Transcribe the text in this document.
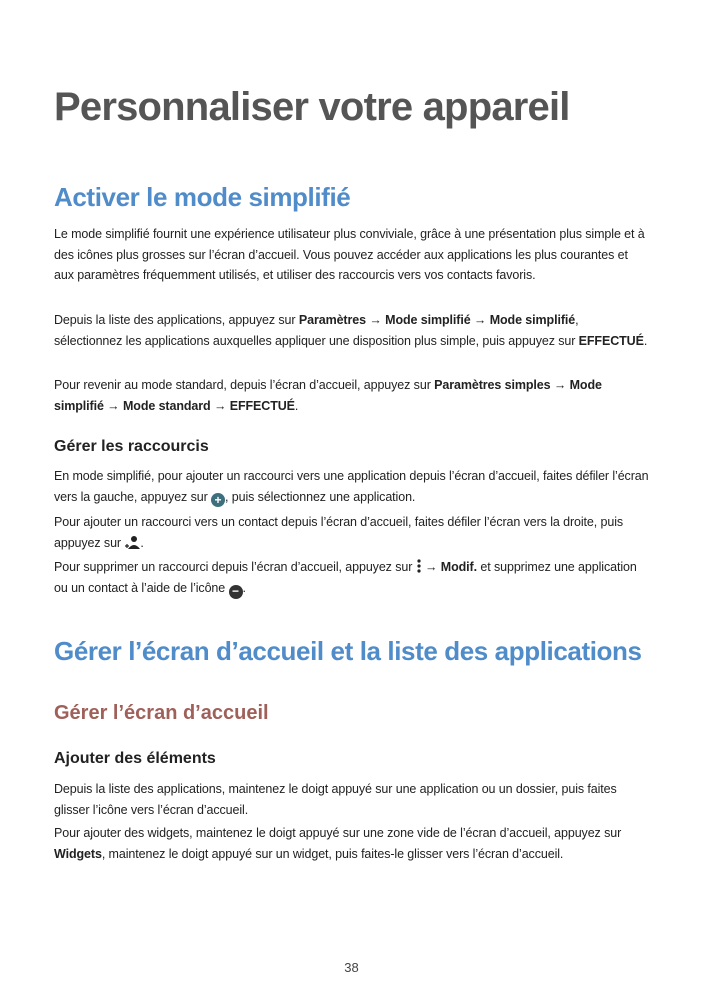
Personnaliser votre appareil
Activer le mode simplifié

Le mode simplifié fournit une expérience utilisateur plus conviviale, grâce à une présentation plus simple et à des icônes plus grosses sur l’écran d’accueil. Vous pouvez accéder aux applications les plus courantes et aux paramètres fréquemment utilisés, et utiliser des raccourcis vers vos contacts favoris.

Depuis la liste des applications, appuyez sur Paramètres → Mode simplifié → Mode simplifié, sélectionnez les applications auxquelles appliquer une disposition plus simple, puis appuyez sur EFFECTUÉ.

Pour revenir au mode standard, depuis l’écran d’accueil, appuyez sur Paramètres simples → Mode simplifié → Mode standard → EFFECTUÉ.

Gérer les raccourcis

En mode simplifié, pour ajouter un raccourci vers une application depuis l’écran d’accueil, faites défiler l’écran vers la gauche, appuyez sur + , puis sélectionnez une application.

Pour ajouter un raccourci vers un contact depuis l’écran d’accueil, faites défiler l’écran vers la droite, puis appuyez sur .

Pour supprimer un raccourci depuis l’écran d’accueil, appuyez sur  → Modif. et supprimez une application ou un contact à l’aide de l’icône − .

Gérer l’écran d’accueil et la liste des applications
Gérer l’écran d’accueil
Ajouter des éléments

Depuis la liste des applications, maintenez le doigt appuyé sur une application ou un dossier, puis faites glisser l’icône vers l’écran d’accueil.

Pour ajouter des widgets, maintenez le doigt appuyé sur une zone vide de l’écran d’accueil, appuyez sur Widgets, maintenez le doigt appuyé sur un widget, puis faites-le glisser vers l’écran d’accueil.

38
